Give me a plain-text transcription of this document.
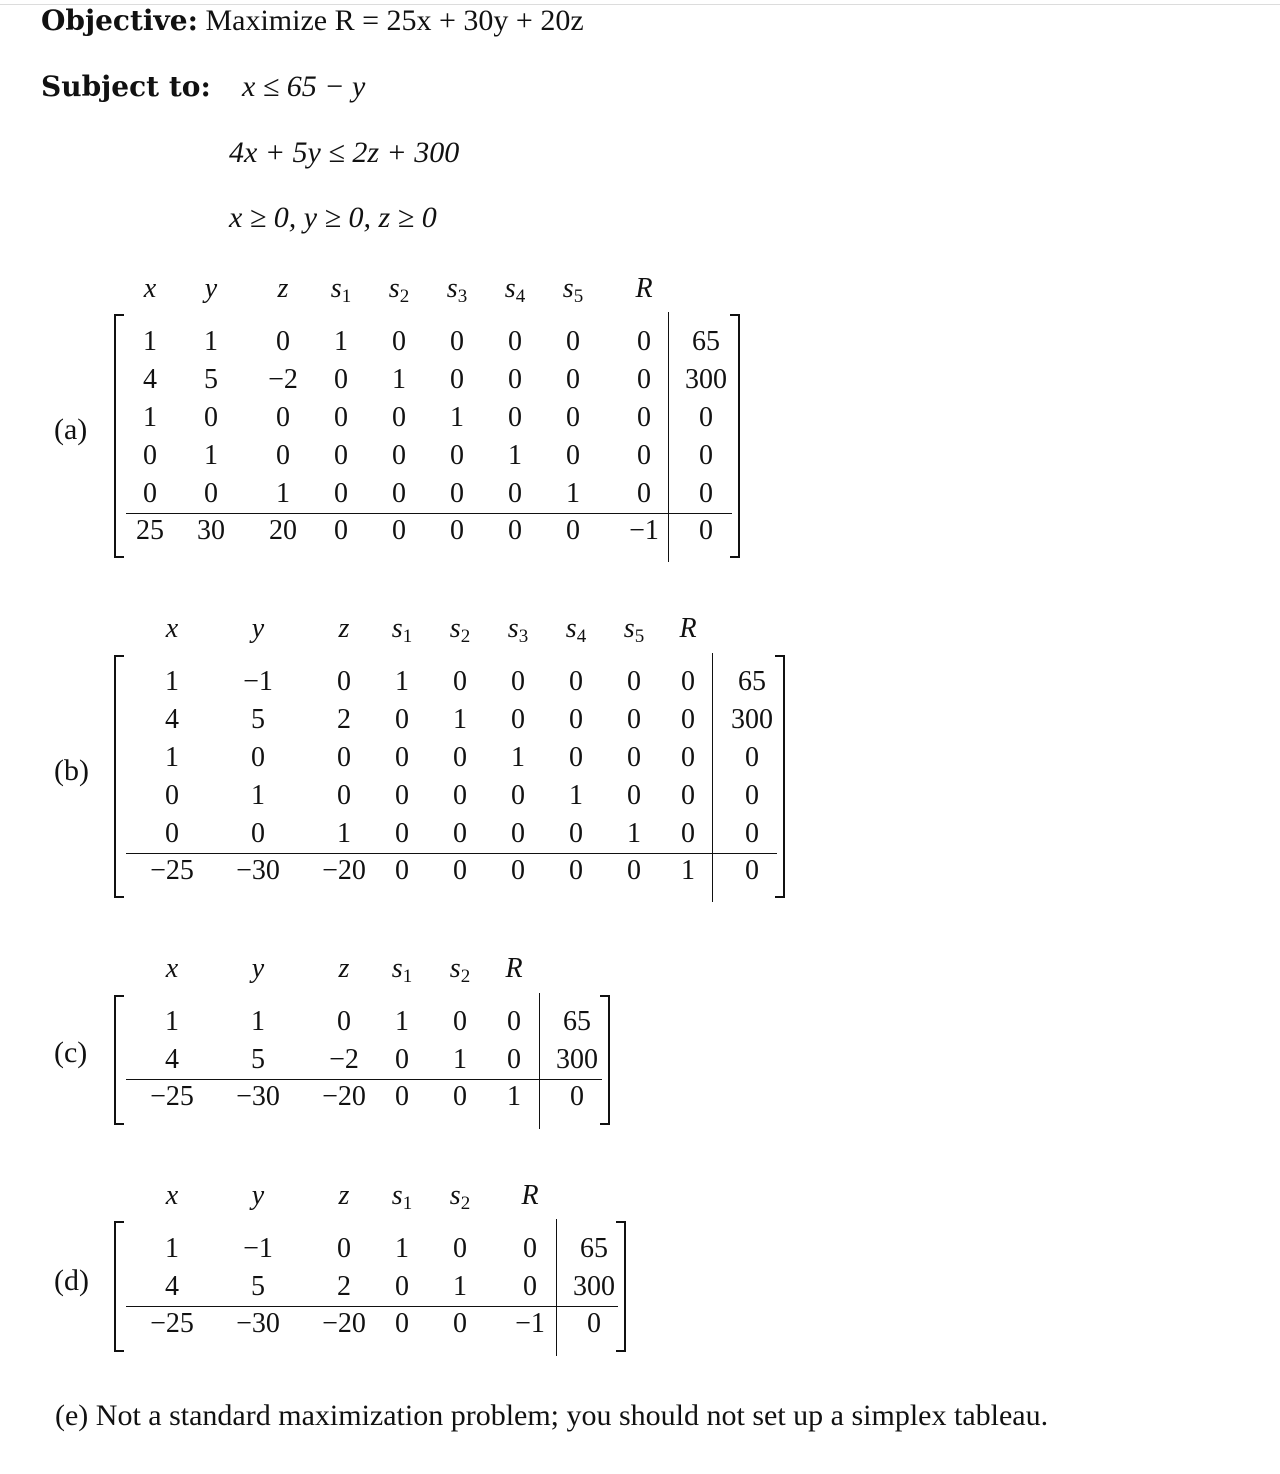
Objective: Maximize R = 25x + 30y + 20z
Subject to: x ≤ 65 − y
4x + 5y ≤ 2z + 300
x ≥ 0, y ≥ 0, z ≥ 0
(a)
x y z $s_1$ $s_2$ $s_3$ $s_4$ $s_5$ R
1 1 0 1 0 0 0 0 0 65
4 5 −2 0 1 0 0 0 0 300
1 0 0 0 0 1 0 0 0 0
0 1 0 0 0 0 1 0 0 0
0 0 1 0 0 0 0 1 0 0
25 30 20 0 0 0 0 0 −1 0
(b)
x	y	z $s_1$ $s_2$ $s_3$ $s_4$ $s_5$ R
1 −1 0 1 0 0 0 0 0 65
4	5	2 0 1 0 0 0 0 300
1	0	0 0 0 1 0 0 0 0
0	1	0 0 0 0 1 0 0 0
0	0	1 0 0 0 0 1 0 0
−25 −30 −20 0 0 0 0 0 1 0
(c)
x	y	z $s_1$ $s_2$ R
1	1	0 1 0 0 65
4	5 −2 0 1 0 300
−25 −30 −20 0 0 1 0
(d)
x	y	z $s_1$ $s_2$ R
1 −1 0 1 0 0 65
4	5	2 0 1 0 300
−25 −30 −20 0 0 −1 0
(e) Not a standard maximization problem; you should not set up a simplex tableau.
